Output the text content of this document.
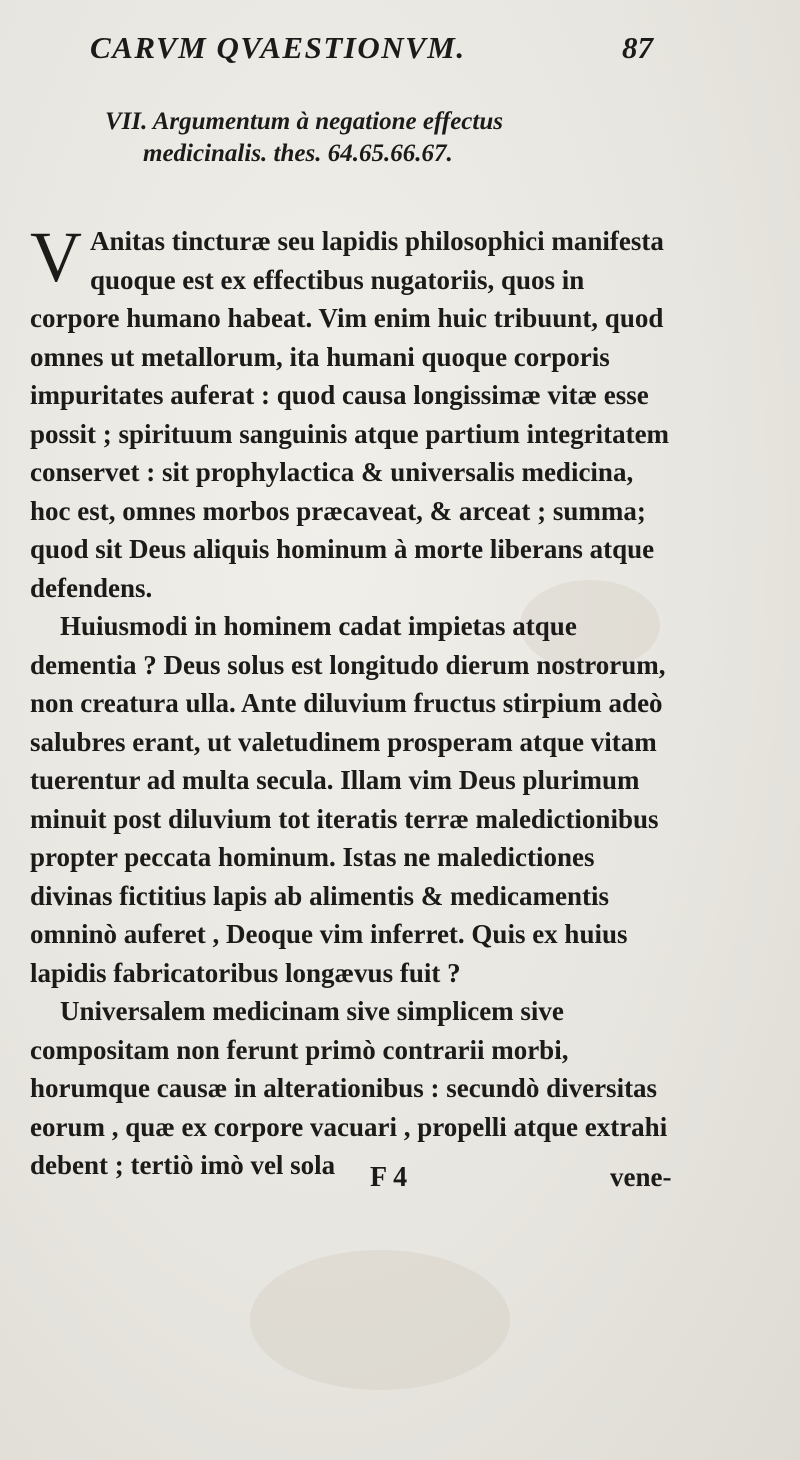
CARVM QVAESTIONVM.	87
VII. Argumentum à negatione effectus
medicinalis. thes. 64.65.66.67.

V Anitas tincturæ seu lapidis philosophici manifesta quoque est ex effectibus nugatoriis, quos in corpore humano habeat. Vim enim huic tribuunt, quod omnes ut metallorum, ita humani quoque corporis impuritates auferat : quod causa longissimæ vitæ esse possit ; spirituum sanguinis atque partium integritatem conservet : sit prophylactica & universalis medicina, hoc est, omnes morbos præcaveat, & arceat ; summa; quod sit Deus aliquis hominum à morte liberans atque defendens.

Huiusmodi in hominem cadat impietas atque dementia ? Deus solus est longitudo dierum nostrorum, non creatura ulla. Ante diluvium fructus stirpium adeò salubres erant, ut valetudinem prosperam atque vitam tuerentur ad multa secula. Illam vim Deus plurimum minuit post diluvium tot iteratis terræ maledictionibus propter peccata hominum. Istas ne maledictiones divinas fictitius lapis ab alimentis & medicamentis omninò auferet , Deoque vim inferret. Quis ex huius lapidis fabricatoribus longævus fuit ?

Universalem medicinam sive simplicem sive compositam non ferunt primò contrarii morbi, horumque causæ in alterationibus : secundò diversitas eorum , quæ ex corpore vacuari , propelli atque extrahi debent ; tertiò imò vel sola	F 4	vene-
